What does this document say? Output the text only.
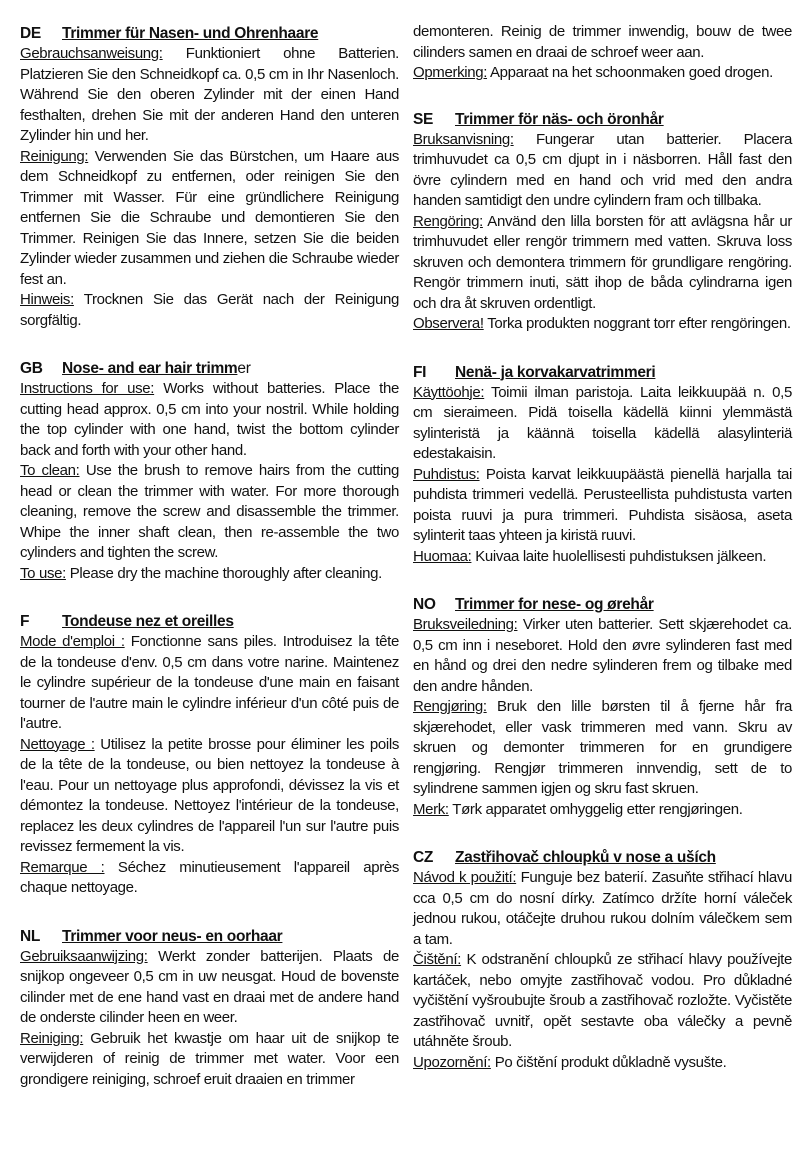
DE Trimmer für Nasen- und Ohrenhaare

Gebrauchsanweisung: Funktioniert ohne Batterien. Platzieren Sie den Schneidkopf ca. 0,5 cm in Ihr Nasenloch. Während Sie den oberen Zylinder mit der einen Hand festhalten, drehen Sie mit der anderen Hand den unteren Zylinder hin und her.

Reinigung: Verwenden Sie das Bürstchen, um Haare aus dem Schneidkopf zu entfernen, oder reinigen Sie den Trimmer mit Wasser. Für eine gründlichere Reinigung entfernen Sie die Schraube und demontieren Sie den Trimmer. Reinigen Sie das Innere, setzen Sie die beiden Zylinder wieder zusammen und ziehen die Schraube wieder fest an.

Hinweis: Trocknen Sie das Gerät nach der Reinigung sorgfältig.

GB Nose- and ear hair trimmer

Instructions for use: Works without batteries. Place the cutting head approx. 0,5 cm into your nostril. While holding the top cylinder with one hand, twist the bottom cylinder back and forth with your other hand.

To clean: Use the brush to remove hairs from the cutting head or clean the trimmer with water. For more thorough cleaning, remove the screw and disassemble the trimmer. Whipe the inner shaft clean, then re-assemble the two cylinders and tighten the screw.

To use: Please dry the machine thoroughly after cleaning.

F Tondeuse nez et oreilles

Mode d'emploi : Fonctionne sans piles. Introduisez la tête de la tondeuse d'env. 0,5 cm dans votre narine. Maintenez le cylindre supérieur de la tondeuse d'une main en faisant tourner de l'autre main le cylindre inférieur d'un côté puis de l'autre.

Nettoyage : Utilisez la petite brosse pour éliminer les poils de la tête de la tondeuse, ou bien nettoyez la tondeuse à l'eau. Pour un nettoyage plus approfondi, dévissez la vis et démontez la tondeuse. Nettoyez l'intérieur de la tondeuse, replacez les deux cylindres de l'appareil l'un sur l'autre puis revissez fermement la vis.

Remarque : Séchez minutieusement l'appareil après chaque nettoyage.

NL Trimmer voor neus- en oorhaar

Gebruiksaanwijzing: Werkt zonder batterijen. Plaats de snijkop ongeveer 0,5 cm in uw neusgat. Houd de bovenste cilinder met de ene hand vast en draai met de andere hand de onderste cilinder heen en weer.

Reiniging: Gebruik het kwastje om haar uit de snijkop te verwijderen of reinig de trimmer met water. Voor een grondigere reiniging, schroef eruit draaien en trimmer

demonteren. Reinig de trimmer inwendig, bouw de twee cilinders samen en draai de schroef weer aan.

Opmerking: Apparaat na het schoonmaken goed drogen.

SE Trimmer för näs- och öronhår

Bruksanvisning: Fungerar utan batterier. Placera trimhuvudet ca 0,5 cm djupt in i näsborren. Håll fast den övre cylindern med en hand och vrid med den andra handen samtidigt den undre cylindern fram och tillbaka.

Rengöring: Använd den lilla borsten för att avlägsna hår ur trimhuvudet eller rengör trimmern med vatten. Skruva loss skruven och demontera trimmern för grundligare rengöring. Rengör trimmern inuti, sätt ihop de båda cylindrarna igen och dra åt skruven ordentligt.

Observera! Torka produkten noggrant torr efter rengöringen.

FI Nenä- ja korvakarvatrimmeri

Käyttöohje: Toimii ilman paristoja. Laita leikkuupää n. 0,5 cm sieraimeen. Pidä toisella kädellä kiinni ylemmästä sylinteristä ja käännä toisella kädellä alasylinteriä edestakaisin.

Puhdistus: Poista karvat leikkuupäästä pienellä harjalla tai puhdista trimmeri vedellä. Perusteellista puhdistusta varten poista ruuvi ja pura trimmeri. Puhdista sisäosa, aseta sylinterit taas yhteen ja kiristä ruuvi.

Huomaa: Kuivaa laite huolellisesti puhdistuksen jälkeen.

NO Trimmer for nese- og ørehår

Bruksveiledning: Virker uten batterier. Sett skjærehodet ca. 0,5 cm inn i neseboret. Hold den øvre sylinderen fast med en hånd og drei den nedre sylinderen frem og tilbake med den andre hånden.

Rengjøring: Bruk den lille børsten til å fjerne hår fra skjærehodet, eller vask trimmeren med vann. Skru av skruen og demonter trimmeren for en grundigere rengjøring. Rengjør trimmeren innvendig, sett de to sylindrene sammen igjen og skru fast skruen.

Merk: Tørk apparatet omhyggelig etter rengjøringen.

CZ Zastřihovač chloupků v nose a uších

Návod k použití: Funguje bez baterií. Zasuňte střihací hlavu cca 0,5 cm do nosní dírky. Zatímco držíte horní váleček jednou rukou, otáčejte druhou rukou dolním válečkem sem a tam.

Čištění: K odstranění chloupků ze střihací hlavy používejte kartáček, nebo omyjte zastřihovač vodou. Pro důkladné vyčištění vyšroubujte šroub a zastřihovač rozložte. Vyčistěte zastřihovač uvnitř, opět sestavte oba válečky a pevně utáhněte šroub.

Upozornění: Po čištění produkt důkladně vysušte.
